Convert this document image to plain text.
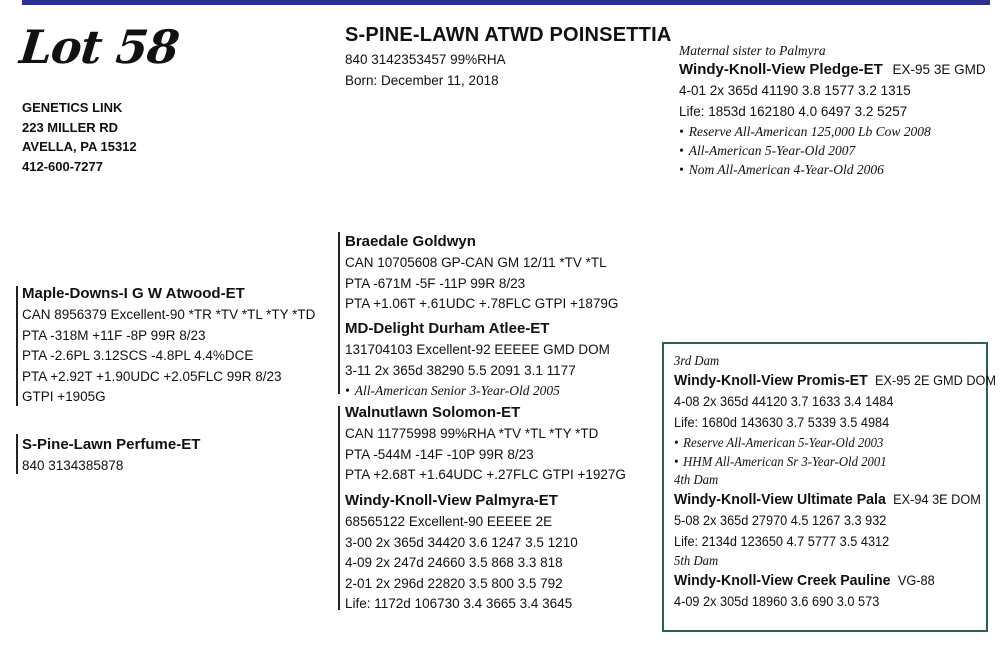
Lot 58
GENETICS LINK
223 MILLER RD
AVELLA, PA 15312
412-600-7277
S-PINE-LAWN ATWD POINSETTIA
840 3142353457 99%RHA
Born: December 11, 2018
Maternal sister to Palmyra
Windy-Knoll-View Pledge-ET EX-95 3E GMD
4-01 2x 365d 41190 3.8 1577 3.2 1315
Life: 1853d 162180 4.0 6497 3.2 5257
• Reserve All-American 125,000 Lb Cow 2008
• All-American 5-Year-Old 2007
• Nom All-American 4-Year-Old 2006
Maple-Downs-I G W Atwood-ET
CAN 8956379 Excellent-90 *TR *TV *TL *TY *TD
PTA -318M +11F -8P 99R 8/23
PTA -2.6PL 3.12SCS -4.8PL 4.4%DCE
PTA +2.92T +1.90UDC +2.05FLC 99R 8/23
GTPI +1905G
S-Pine-Lawn Perfume-ET
840 3134385878
Braedale Goldwyn
CAN 10705608 GP-CAN GM 12/11 *TV *TL
PTA -671M -5F -11P 99R 8/23
PTA +1.06T +.61UDC +.78FLC GTPI +1879G
MD-Delight Durham Atlee-ET
131704103 Excellent-92 EEEEE GMD DOM
3-11 2x 365d 38290 5.5 2091 3.1 1177
• All-American Senior 3-Year-Old 2005
Walnutlawn Solomon-ET
CAN 11775998 99%RHA *TV *TL *TY *TD
PTA -544M -14F -10P 99R 8/23
PTA +2.68T +1.64UDC +.27FLC GTPI +1927G
Windy-Knoll-View Palmyra-ET
68565122 Excellent-90 EEEEE 2E
3-00 2x 365d 34420 3.6 1247 3.5 1210
4-09 2x 247d 24660 3.5 868 3.3 818
2-01 2x 296d 22820 3.5 800 3.5 792
Life: 1172d 106730 3.4 3665 3.4 3645
3rd Dam
Windy-Knoll-View Promis-ET EX-95 2E GMD DOM
4-08 2x 365d 44120 3.7 1633 3.4 1484
Life: 1680d 143630 3.7 5339 3.5 4984
• Reserve All-American 5-Year-Old 2003
• HHM All-American Sr 3-Year-Old 2001
4th Dam
Windy-Knoll-View Ultimate Pala EX-94 3E DOM
5-08 2x 365d 27970 4.5 1267 3.3 932
Life: 2134d 123650 4.7 5777 3.5 4312
5th Dam
Windy-Knoll-View Creek Pauline VG-88
4-09 2x 305d 18960 3.6 690 3.0 573
